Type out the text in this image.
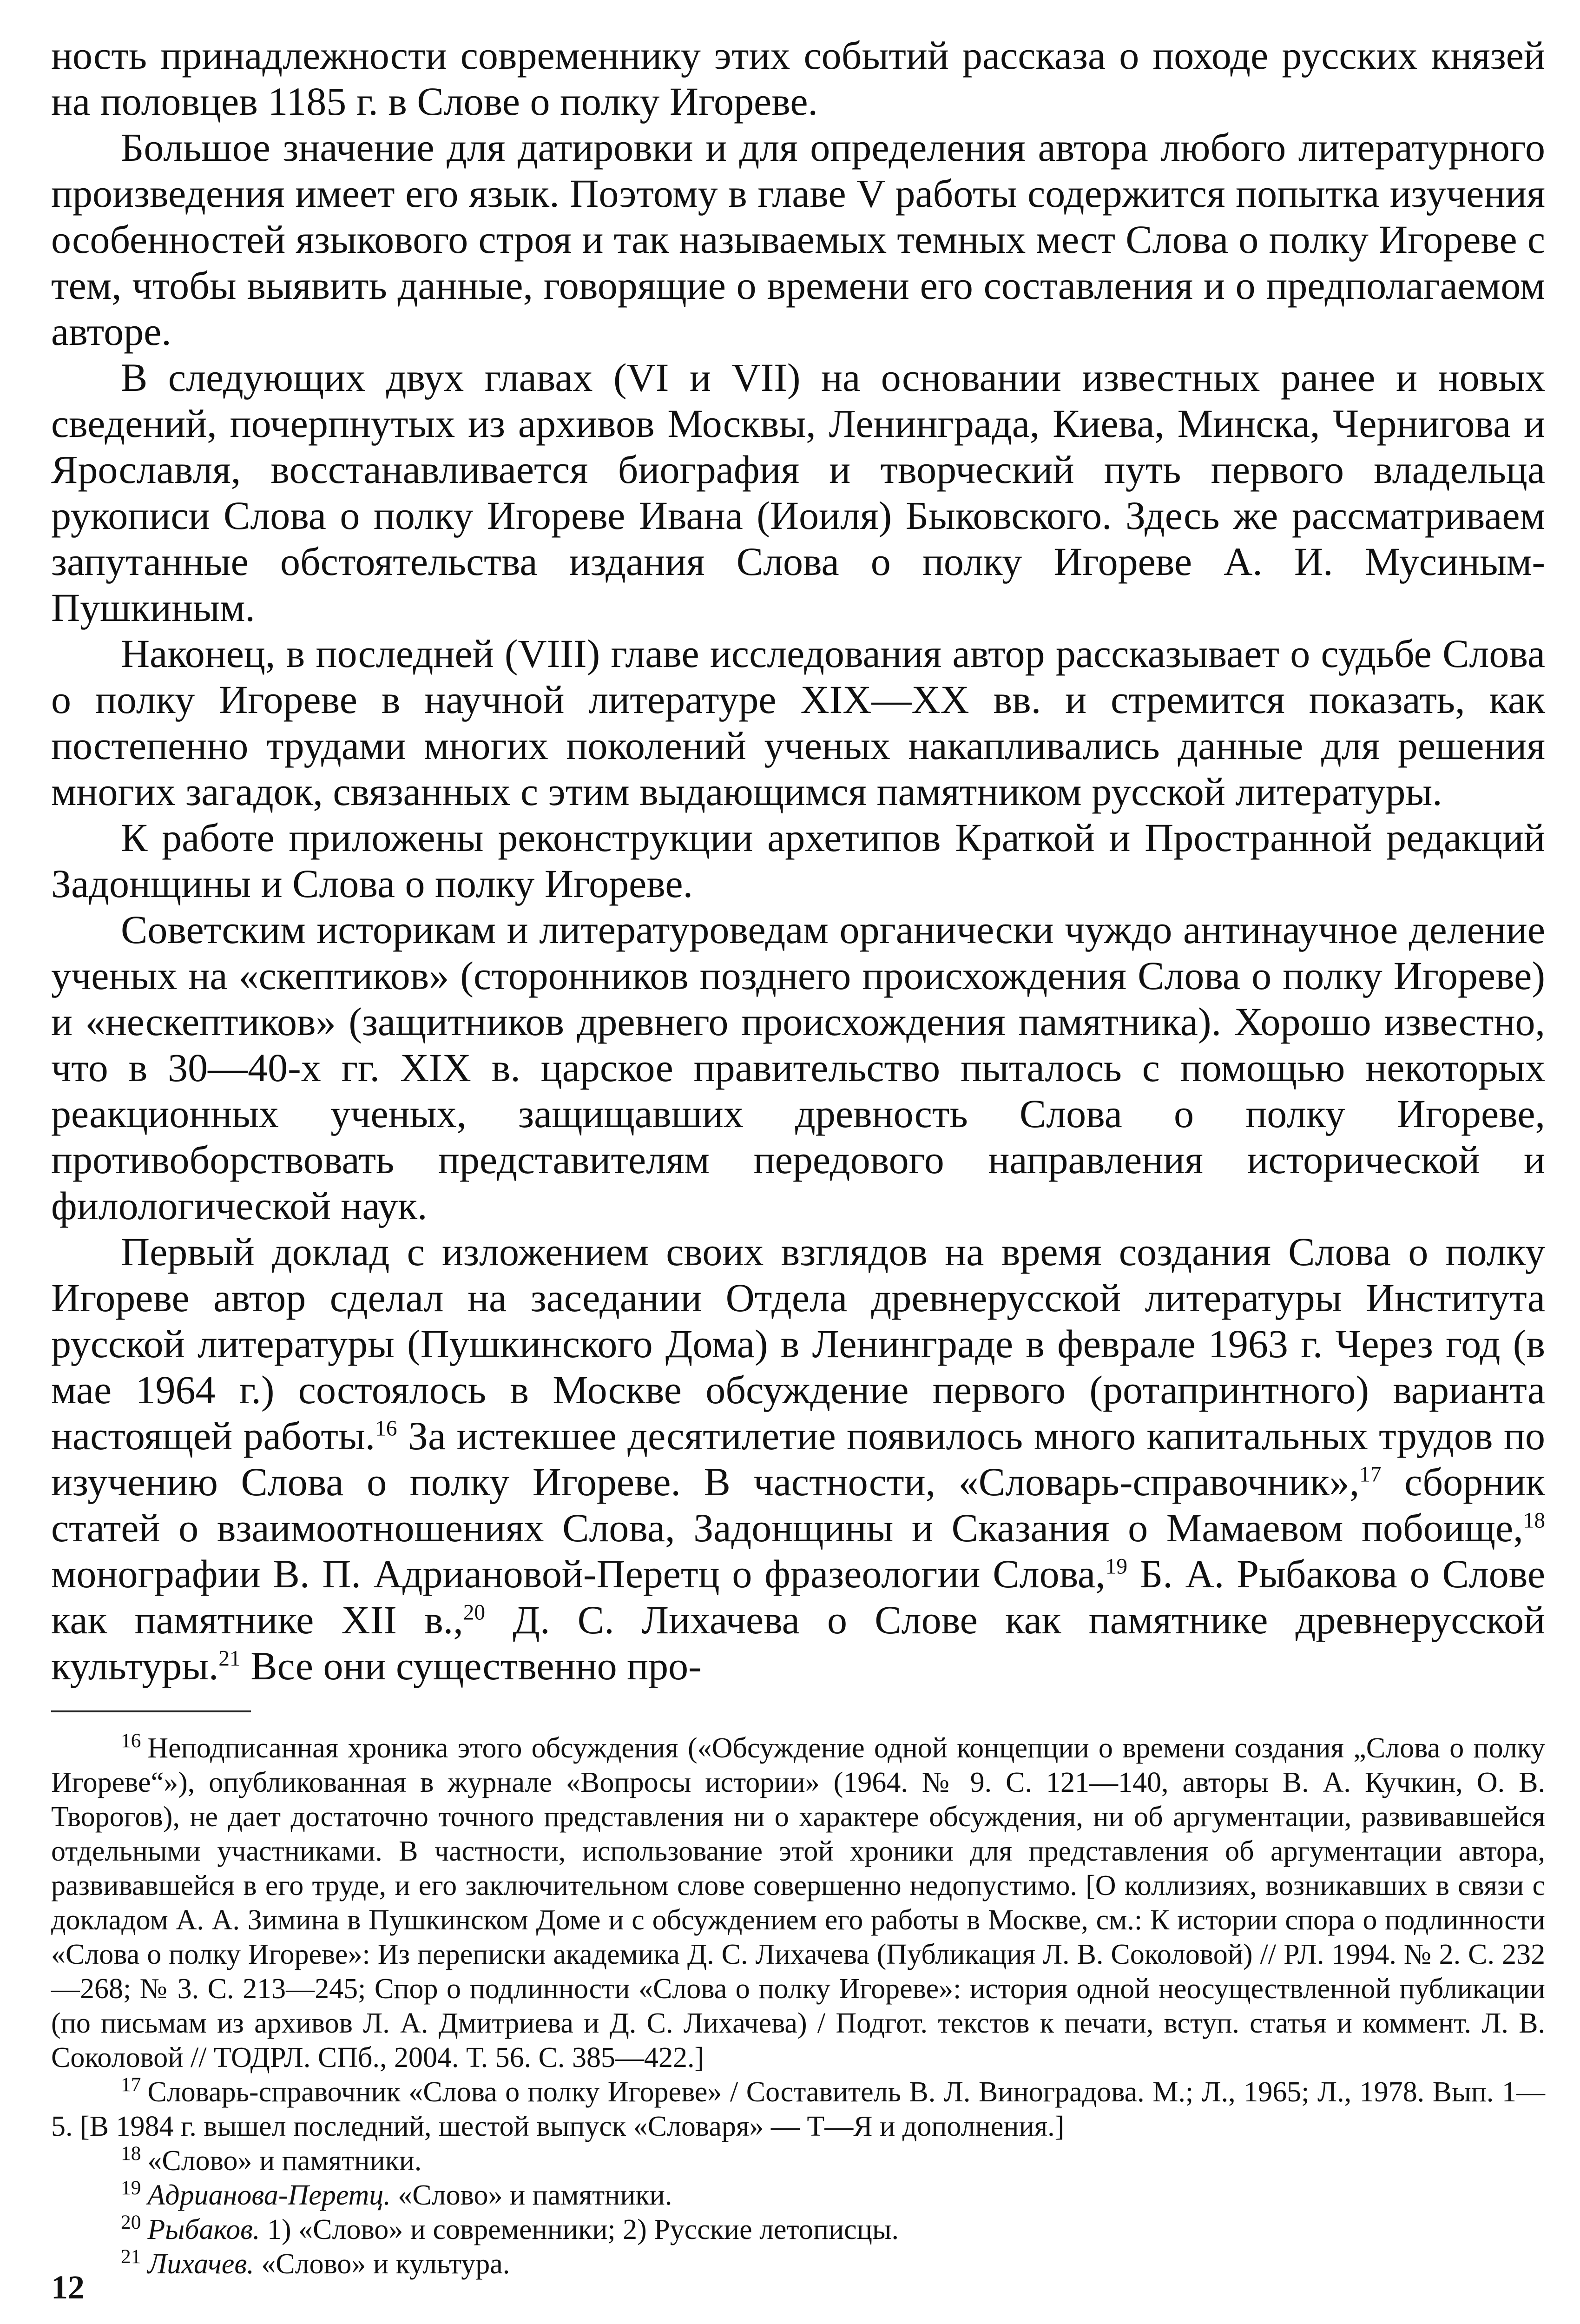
ность принадлежности современнику этих событий рассказа о походе русских князей на половцев 1185 г. в Слове о полку Игореве.

Большое значение для датировки и для определения автора любого литературного произведения имеет его язык. Поэтому в главе V работы содержится попытка изучения особенностей языкового строя и так называемых темных мест Слова о полку Игореве с тем, чтобы выявить данные, говорящие о времени его составления и о предполагаемом авторе.

В следующих двух главах (VI и VII) на основании известных ранее и новых сведений, почерпнутых из архивов Москвы, Ленинграда, Киева, Минска, Чернигова и Ярославля, восстанавливается биография и творческий путь первого владельца рукописи Слова о полку Игореве Ивана (Иоиля) Быковского. Здесь же рассматриваем запутанные обстоятельства издания Слова о полку Игореве А. И. Мусиным-Пушкиным.

Наконец, в последней (VIII) главе исследования автор рассказывает о судьбе Слова о полку Игореве в научной литературе XIX—XX вв. и стремится показать, как постепенно трудами многих поколений ученых накапливались данные для решения многих загадок, связанных с этим выдающимся памятником русской литературы.

К работе приложены реконструкции архетипов Краткой и Пространной редакций Задонщины и Слова о полку Игореве.

Советским историкам и литературоведам органически чуждо антинаучное деление ученых на «скептиков» (сторонников позднего происхождения Слова о полку Игореве) и «нескептиков» (защитников древнего происхождения памятника). Хорошо известно, что в 30—40-х гг. XIX в. царское правительство пыталось с помощью некоторых реакционных ученых, защищавших древность Слова о полку Игореве, противоборствовать представителям передового направления исторической и филологической наук.

Первый доклад с изложением своих взглядов на время создания Слова о полку Игореве автор сделал на заседании Отдела древнерусской литературы Института русской литературы (Пушкинского Дома) в Ленинграде в феврале 1963 г. Через год (в мае 1964 г.) состоялось в Москве обсуждение первого (ротапринтного) варианта настоящей работы.$^{16}$ За истекшее десятилетие появилось много капитальных трудов по изучению Слова о полку Игореве. В частности, «Словарь-справочник»,$^{17}$ сборник статей о взаимоотношениях Слова, Задонщины и Сказания о Мамаевом побоище,$^{18}$ монографии В. П. Адриановой-Перетц о фразеологии Слова,$^{19}$ Б. А. Рыбакова о Слове как памятнике XII в.,$^{20}$ Д. С. Лихачева о Слове как памятнике древнерусской культуры.$^{21}$ Все они существенно про-

$^{16}$ Неподписанная хроника этого обсуждения («Обсуждение одной концепции о времени создания „Слова о полку Игореве“»), опубликованная в журнале «Вопросы истории» (1964. № 9. С. 121—140, авторы В. А. Кучкин, О. В. Творогов), не дает достаточно точного представления ни о характере обсуждения, ни об аргументации, развивавшейся отдельными участниками. В частности, использование этой хроники для представления об аргументации автора, развивавшейся в его труде, и его заключительном слове совершенно недопустимо. [О коллизиях, возникавших в связи с докладом А. А. Зимина в Пушкинском Доме и с обсуждением его работы в Москве, см.: К истории спора о подлинности «Слова о полку Игореве»: Из переписки академика Д. С. Лихачева (Публикация Л. В. Соколовой) // РЛ. 1994. № 2. С. 232—268; № 3. С. 213—245; Спор о подлинности «Слова о полку Игореве»: история одной неосуществленной публикации (по письмам из архивов Л. А. Дмитриева и Д. С. Лихачева) / Подгот. текстов к печати, вступ. статья и коммент. Л. В. Соколовой // ТОДРЛ. СПб., 2004. Т. 56. С. 385—422.]

$^{17}$ Словарь-справочник «Слова о полку Игореве» / Составитель В. Л. Виноградова. М.; Л., 1965; Л., 1978. Вып. 1—5. [В 1984 г. вышел последний, шестой выпуск «Словаря» — Т—Я и дополнения.]

$^{18}$ «Слово» и памятники.

$^{19}$ Адрианова-Перетц. «Слово» и памятники.

$^{20}$ Рыбаков. 1) «Слово» и современники; 2) Русские летописцы.

$^{21}$ Лихачев. «Слово» и культура.

12
